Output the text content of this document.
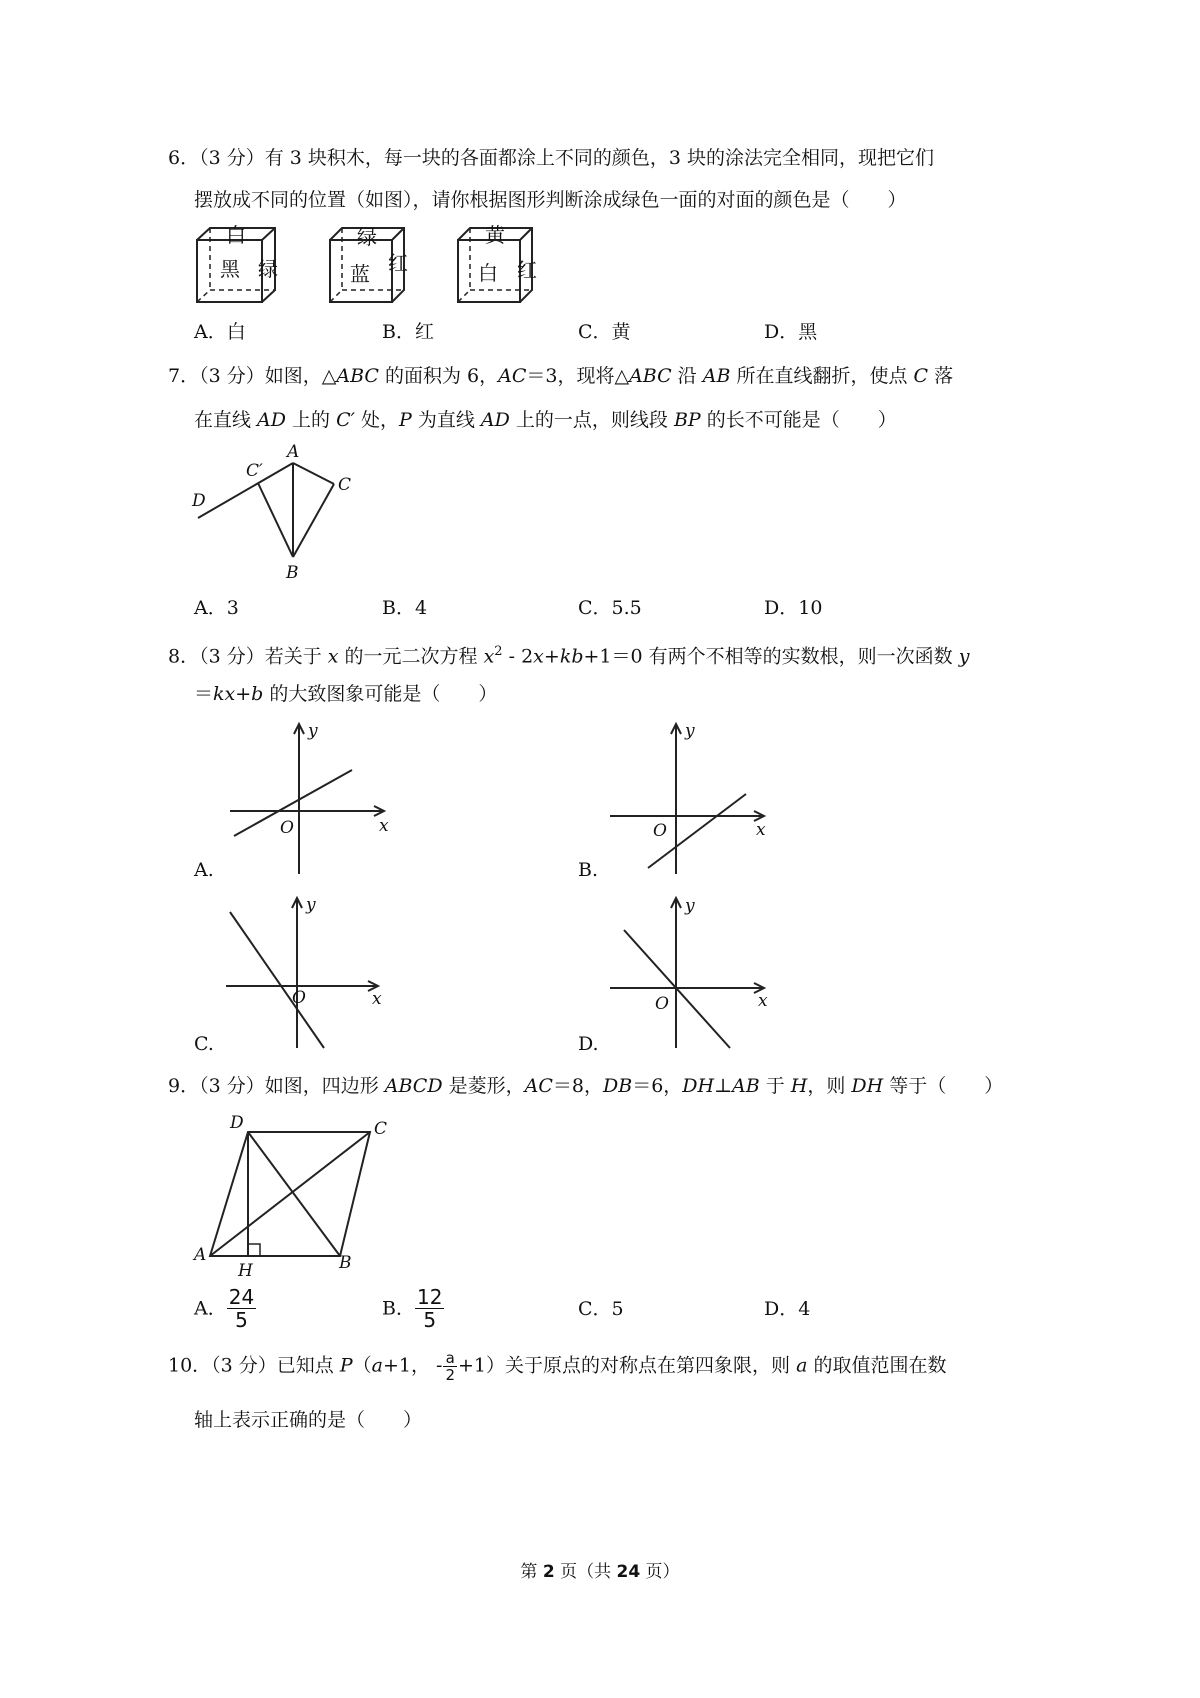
6．（3 分）有 3 块积木，每一块的各面都涂上不同的颜色，3 块的涂法完全相同，现把它们
摆放成不同的位置（如图），请你根据图形判断涂成绿色一面的对面的颜色是（　　）
白
黑 绿
绿
蓝 红
黄
白 红
A．白	B．红	C．黄	D．黑
7．（3 分）如图，△ABC 的面积为 6，AC＝3，现将△ABC 沿 AB 所在直线翻折，使点 C 落
在直线 AD 上的 C′ 处，P 为直线 AD 上的一点，则线段 BP 的长不可能是（　　）
A
C
C′
D
B
A．3	B．4	C．5.5	D．10
8．（3 分）若关于 x 的一元二次方程 $x^2 - 2x+kb+1=0$ 有两个不相等的实数根，则一次函数 y
＝kx+b 的大致图象可能是（　　）
y
x
O
A.
y
x
O
B.
y
x
O
C.
y
x
O
D.
9．（3 分）如图，四边形 ABCD 是菱形，AC＝8，DB＝6，DH⊥AB 于 H，则 DH 等于（　　）
D	C
A
H	B
A． $\frac{24}{5}$	B． $\frac{12}{5}$	C．5	D．4
10．（3 分）已知点 P（a+1， - $\frac{a}{2} +1$）关于原点的对称点在第四象限，则 a 的取值范围在数
轴上表示正确的是（　　）
第 2 页（共 24 页）
